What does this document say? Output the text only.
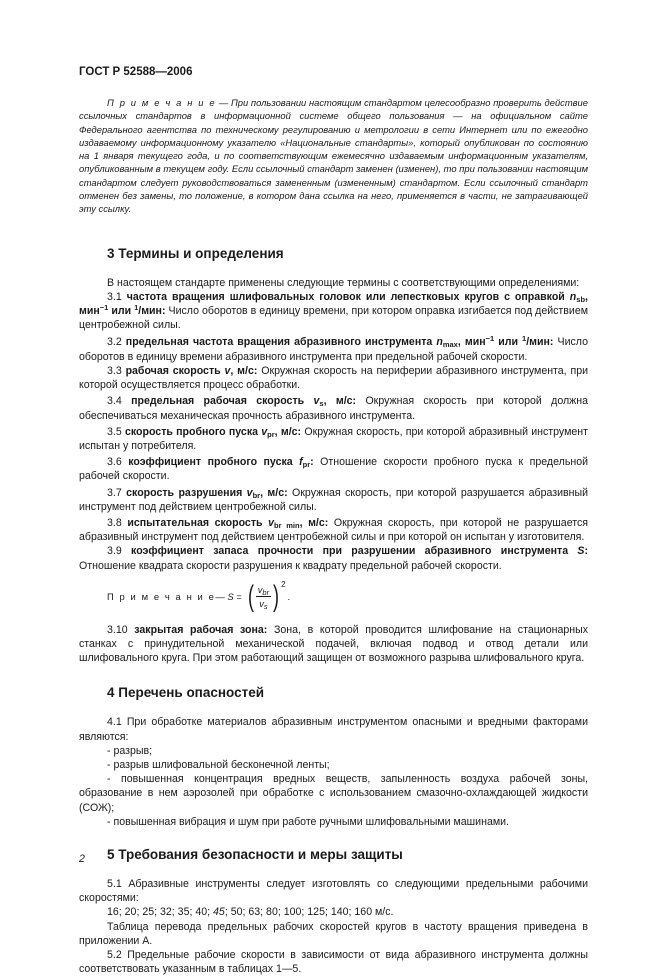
ГОСТ Р 52588—2006

П р и м е ч а н и е — При пользовании настоящим стандартом целесообразно проверить действие ссылочных стандартов в информационной системе общего пользования — на официальном сайте Федерального агентства по техническому регулированию и метрологии в сети Интернет или по ежегодно издаваемому информационному указателю «Национальные стандарты», который опубликован по состоянию на 1 января текущего года, и по соответствующим ежемесячно издаваемым информационным указателям, опубликованным в текущем году. Если ссылочный стандарт заменен (изменен), то при пользовании настоящим стандартом следует руководствоваться замененным (измененным) стандартом. Если ссылочный стандарт отменен без замены, то положение, в котором дана ссылка на него, применяется в части, не затрагивающей эту ссылку.

3 Термины и определения

В настоящем стандарте применены следующие термины с соответствующими определениями:

3.1 частота вращения шлифовальных головок или лепестковых кругов с оправкой $n_{sb}$, мин$^{-1}$ или $^1$/мин: Число оборотов в единицу времени, при котором оправка изгибается под действием центробежной силы.

3.2 предельная частота вращения абразивного инструмента $n_{max}$, мин$^{-1}$ или $^1$/мин: Число оборотов в единицу времени абразивного инструмента при предельной рабочей скорости.

3.3 рабочая скорость v, м/с: Окружная скорость на периферии абразивного инструмента, при которой осуществляется процесс обработки.

3.4 предельная рабочая скорость $v_s$, м/с: Окружная скорость при которой должна обеспечиваться механическая прочность абразивного инструмента.

3.5 скорость пробного пуска $v_{pr}$, м/с: Окружная скорость, при которой абразивный инструмент испытан у потребителя.

3.6 коэффициент пробного пуска $f_{pr}$: Отношение скорости пробного пуска к предельной рабочей скорости.

3.7 скорость разрушения $v_{br}$, м/с: Окружная скорость, при которой разрушается абразивный инструмент под действием центробежной силы.

3.8 испытательная скорость $v_{br min}$, м/с: Окружная скорость, при которой не разрушается абразивный инструмент под действием центробежной силы и при которой он испытан у изготовителя.

3.9 коэффициент запаса прочности при разрушении абразивного инструмента S: Отношение квадрата скорости разрушения к квадрату предельной рабочей скорости.

П р и м е ч а н и е — S = ( $\frac{v_{br}}{v_s}$ ) 2
.

3.10 закрытая рабочая зона: Зона, в которой проводится шлифование на стационарных станках с принудительной механической подачей, включая подвод и отвод детали или шлифовального круга. При этом работающий защищен от возможного разрыва шлифовального круга.

4 Перечень опасностей

4.1 При обработке материалов абразивным инструментом опасными и вредными факторами являются:

- разрыв;

- разрыв шлифовальной бесконечной ленты;

- повышенная концентрация вредных веществ, запыленность воздуха рабочей зоны, образование в нем аэрозолей при обработке с использованием смазочно-охлаждающей жидкости (СОЖ);

- повышенная вибрация и шум при работе ручными шлифовальными машинами.

5 Требования безопасности и меры защиты

5.1 Абразивные инструменты следует изготовлять со следующими предельными рабочими скоростями:

16; 20; 25; 32; 35; 40; 45; 50; 63; 80; 100; 125; 140; 160 м/с.

Таблица перевода предельных рабочих скоростей кругов в частоту вращения приведена в приложении А.

5.2 Предельные рабочие скорости в зависимости от вида абразивного инструмента должны соответствовать указанным в таблицах 1—5.

2
